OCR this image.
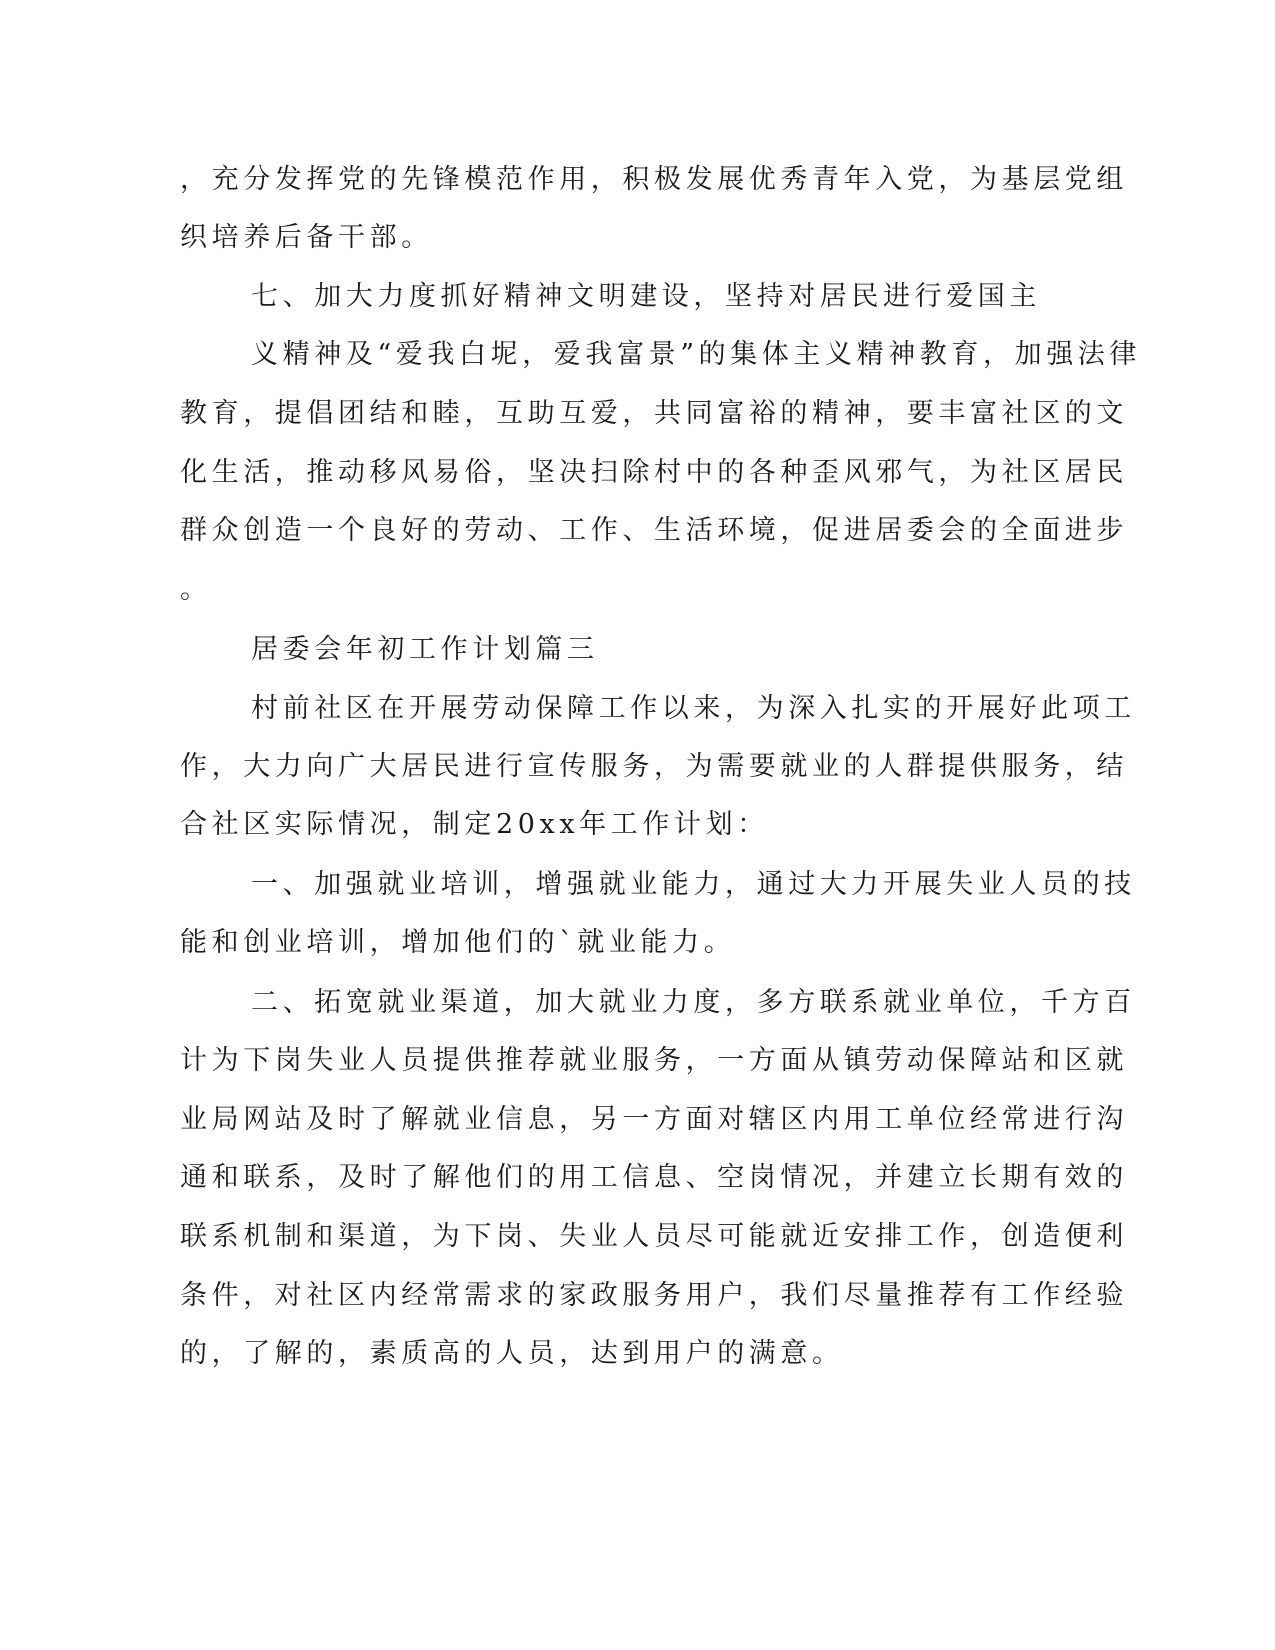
，充分发挥党的先锋模范作用，积极发展优秀青年入党，为基层党组
织培养后备干部。
七、加大力度抓好精神文明建设，坚持对居民进行爱国主
义精神及“爱我白坭，爱我富景”的集体主义精神教育，加强法律
教育，提倡团结和睦，互助互爱，共同富裕的精神，要丰富社区的文
化生活，推动移风易俗，坚决扫除村中的各种歪风邪气，为社区居民
群众创造一个良好的劳动、工作、生活环境，促进居委会的全面进步
。
居委会年初工作计划篇三
村前社区在开展劳动保障工作以来，为深入扎实的开展好此项工
作，大力向广大居民进行宣传服务，为需要就业的人群提供服务，结
合社区实际情况，制定20xx年工作计划：
一、加强就业培训，增强就业能力，通过大力开展失业人员的技
能和创业培训，增加他们的`就业能力。
二、拓宽就业渠道，加大就业力度，多方联系就业单位，千方百
计为下岗失业人员提供推荐就业服务，一方面从镇劳动保障站和区就
业局网站及时了解就业信息，另一方面对辖区内用工单位经常进行沟
通和联系，及时了解他们的用工信息、空岗情况，并建立长期有效的
联系机制和渠道，为下岗、失业人员尽可能就近安排工作，创造便利
条件，对社区内经常需求的家政服务用户，我们尽量推荐有工作经验
的，了解的，素质高的人员，达到用户的满意。
